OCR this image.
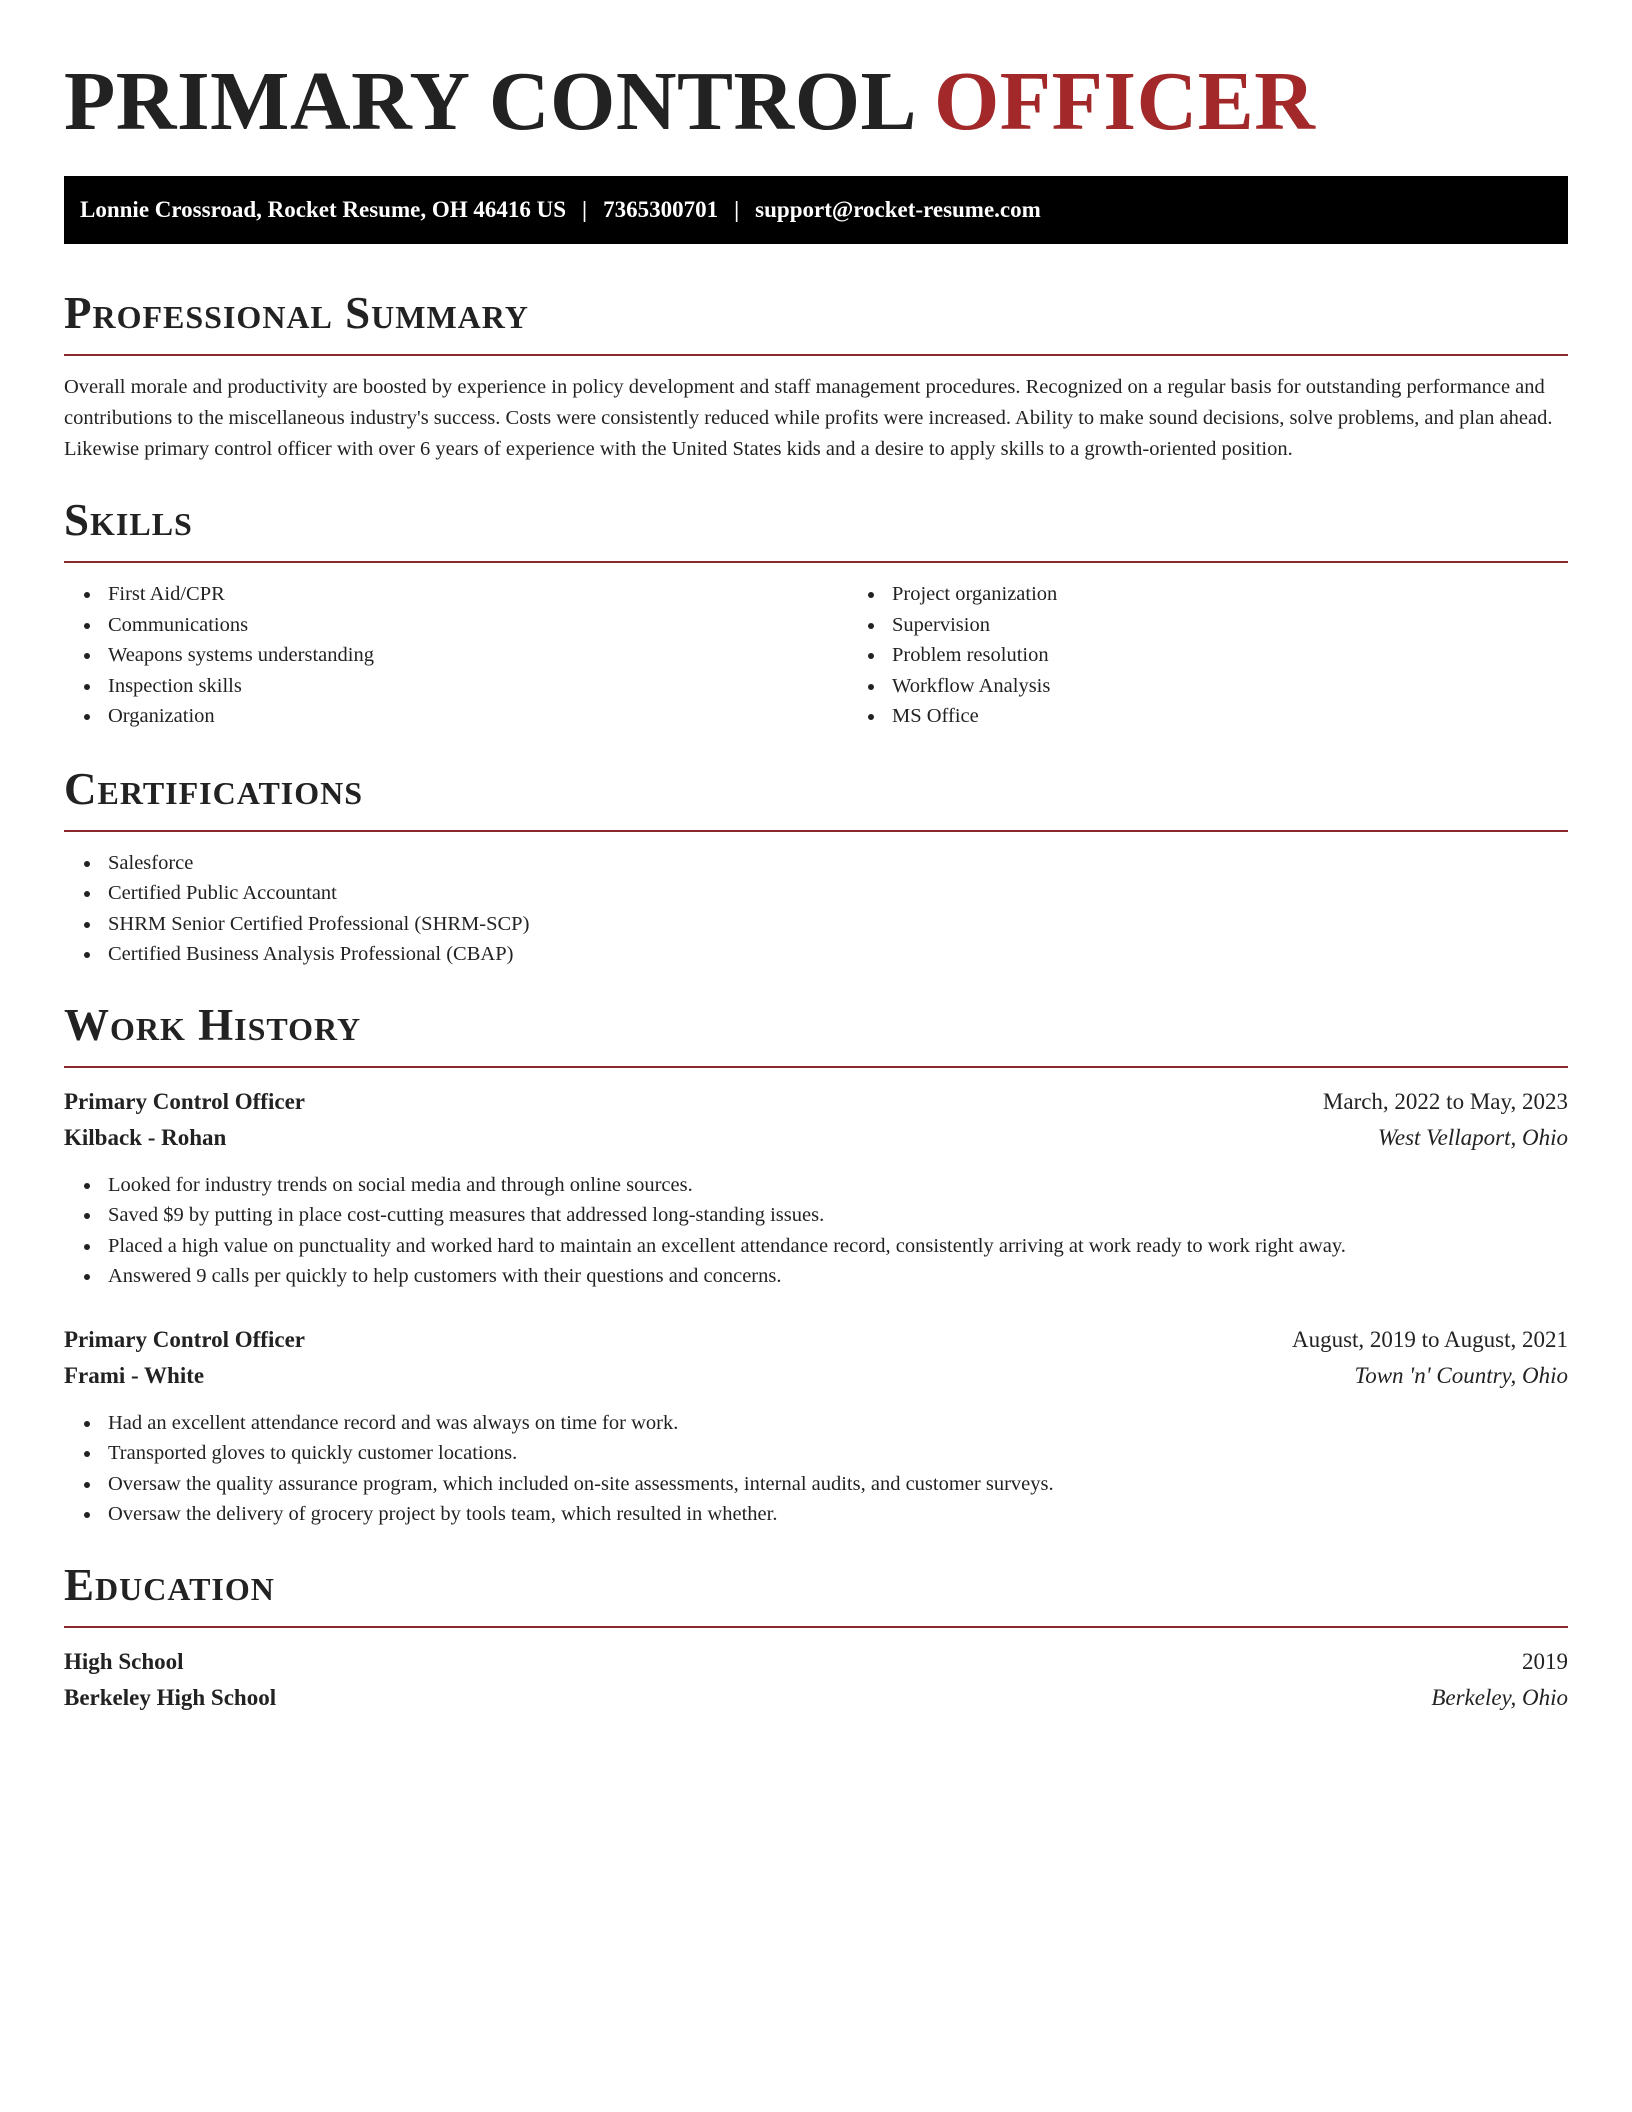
PRIMARY CONTROL OFFICER
Lonnie Crossroad, Rocket Resume, OH 46416 US | 7365300701 | support@rocket-resume.com
Professional Summary

Overall morale and productivity are boosted by experience in policy development and staff management procedures. Recognized on a regular basis for outstanding performance and contributions to the miscellaneous industry's success. Costs were consistently reduced while profits were increased. Ability to make sound decisions, solve problems, and plan ahead. Likewise primary control officer with over 6 years of experience with the United States kids and a desire to apply skills to a growth-oriented position.

Skills
First Aid/CPR
Communications
Weapons systems understanding
Inspection skills
Organization
Project organization
Supervision
Problem resolution
Workflow Analysis
MS Office
Certifications
Salesforce
Certified Public Accountant
SHRM Senior Certified Professional (SHRM-SCP)
Certified Business Analysis Professional (CBAP)
Work History
Primary Control Officer	March, 2022 to May, 2023
Kilback - Rohan	West Vellaport, Ohio
Looked for industry trends on social media and through online sources.
Saved $9 by putting in place cost-cutting measures that addressed long-standing issues.
Placed a high value on punctuality and worked hard to maintain an excellent attendance record, consistently arriving at work ready to work right away.
Answered 9 calls per quickly to help customers with their questions and concerns.
Primary Control Officer	August, 2019 to August, 2021
Frami - White	Town 'n' Country, Ohio
Had an excellent attendance record and was always on time for work.
Transported gloves to quickly customer locations.
Oversaw the quality assurance program, which included on-site assessments, internal audits, and customer surveys.
Oversaw the delivery of grocery project by tools team, which resulted in whether.
Education
High School	2019
Berkeley High School	Berkeley, Ohio
